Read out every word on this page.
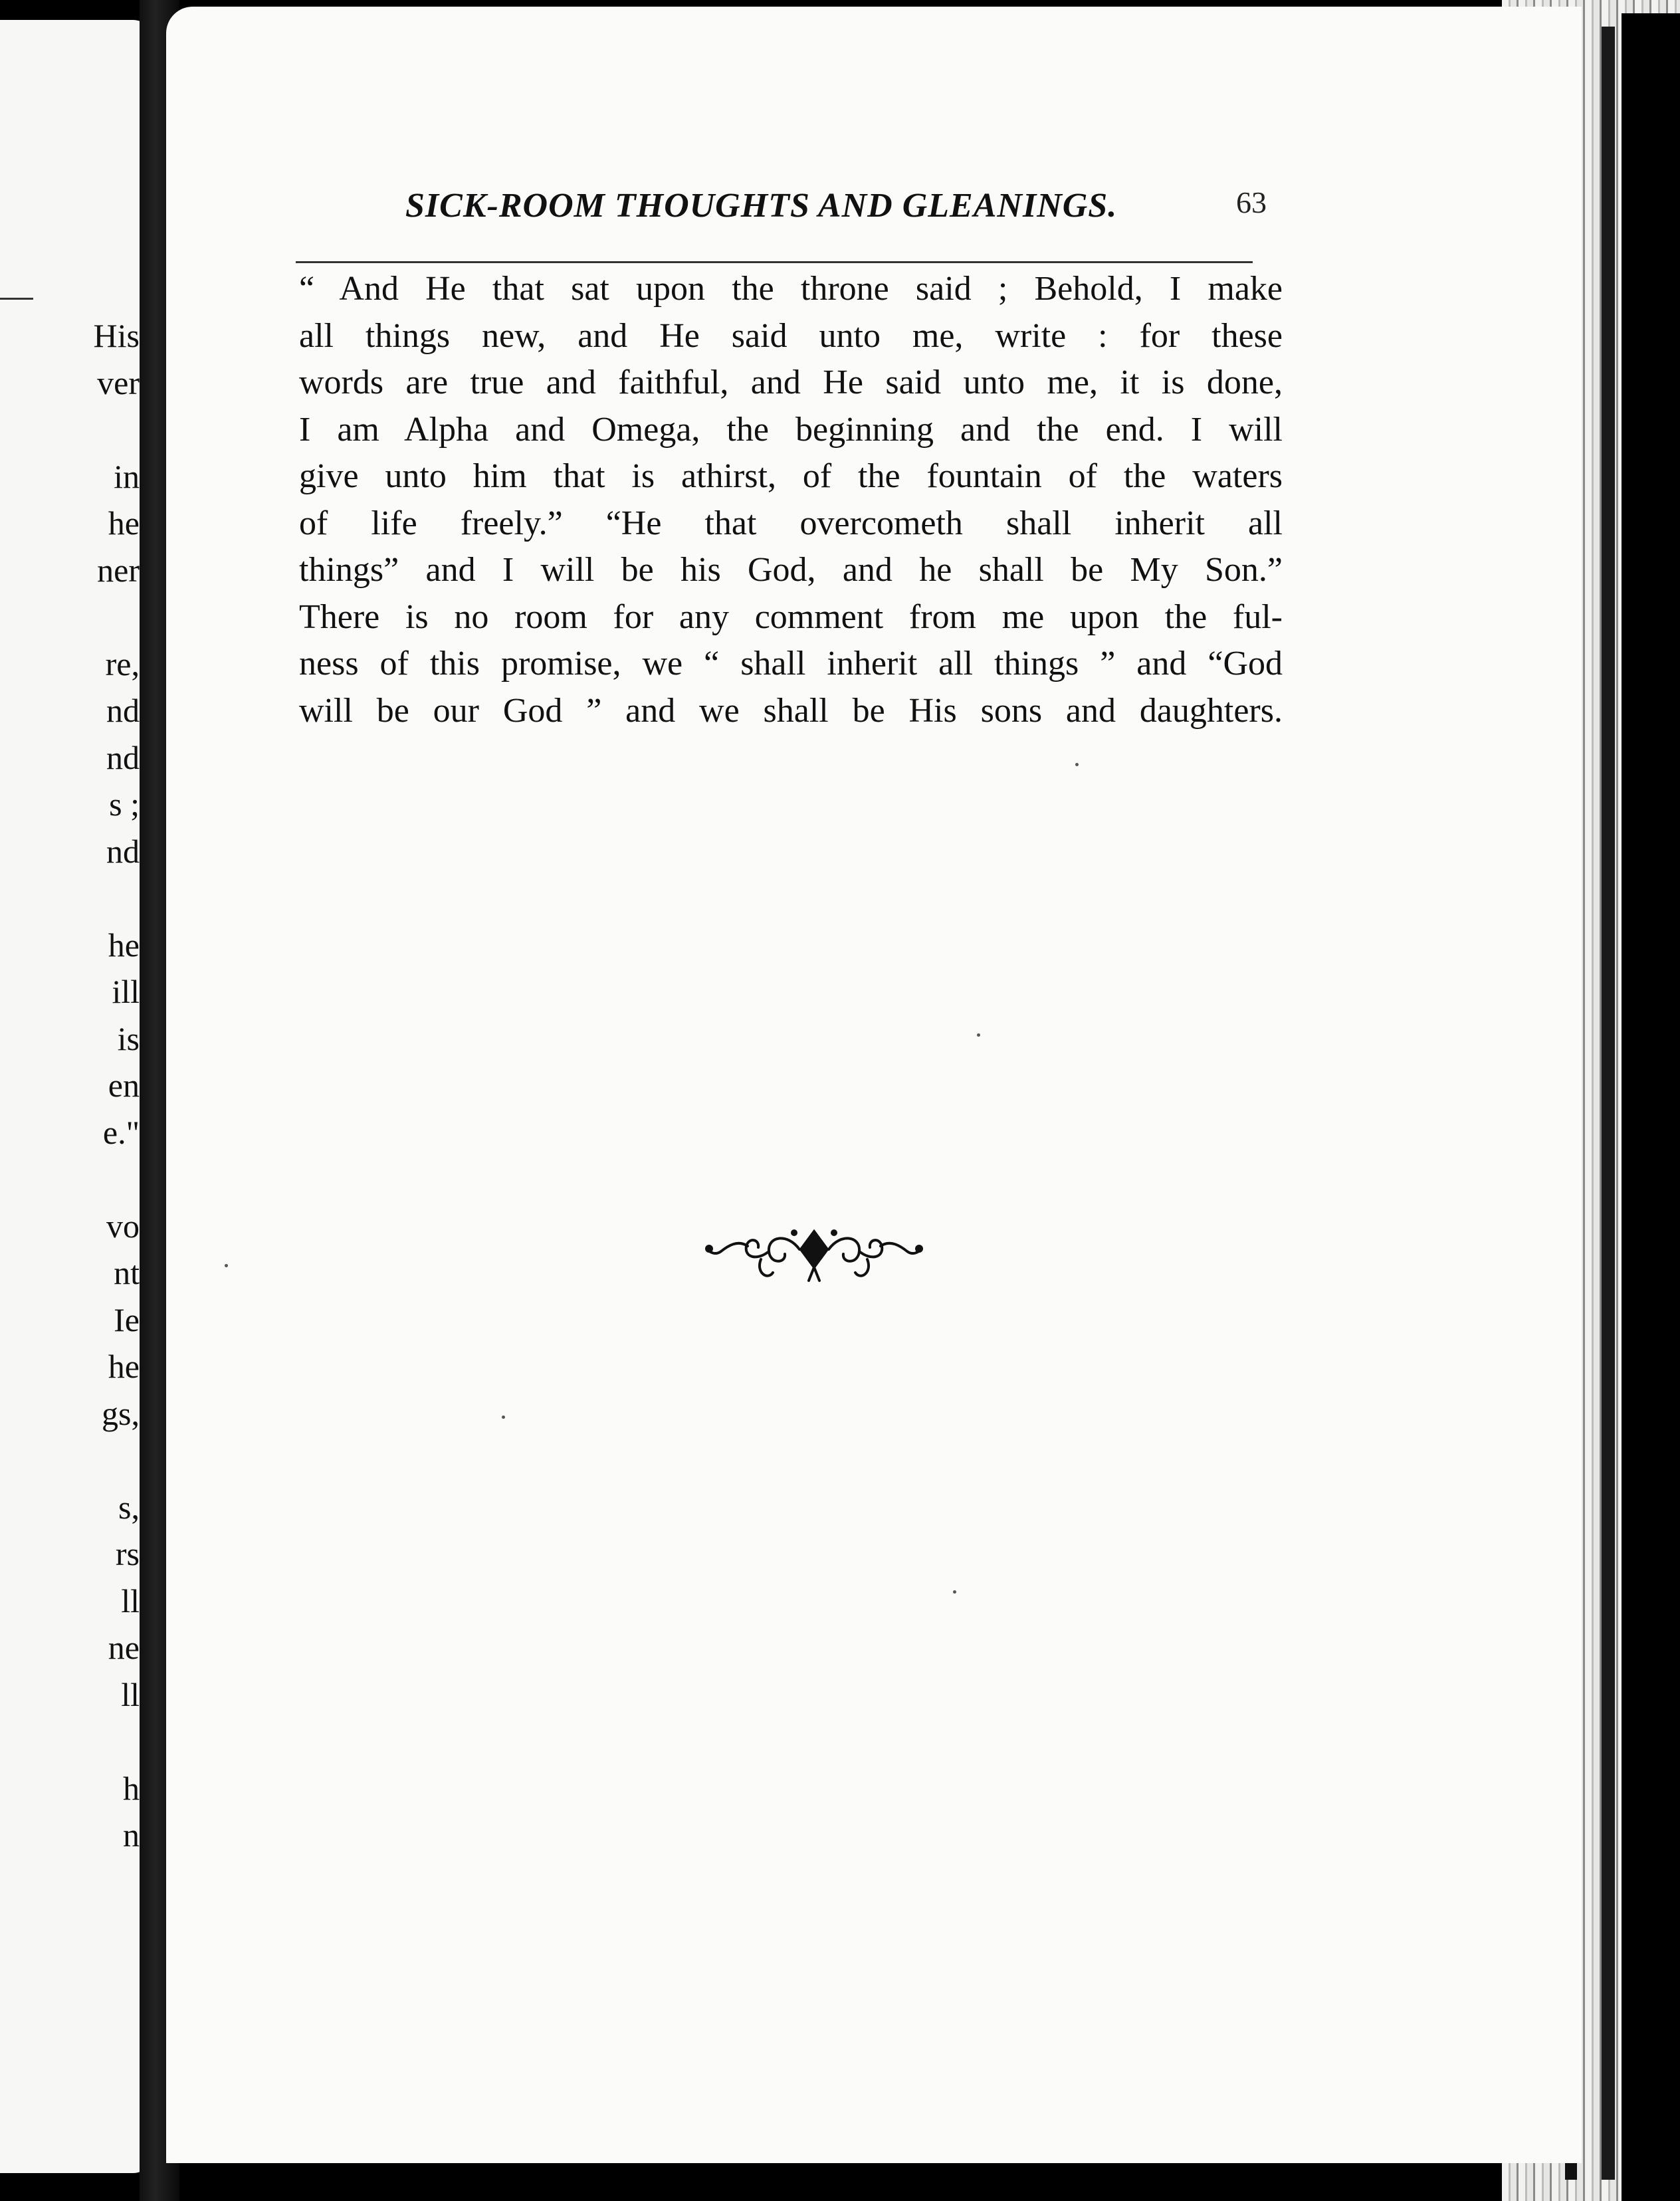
His
ver
in
he
ner
re,
nd
nd
s ;
nd
he
ill
is
en
e."
vo
nt
Ie
he
gs,
s,
rs
ll
ne
ll
h
n
SICK-ROOM THOUGHTS AND GLEANINGS.	63
“ And He that sat upon the throne said ; Behold, I make
all things new, and He said unto me, write : for these
words are true and faithful, and He said unto me, it is done,
I am Alpha and Omega, the beginning and the end. I will
give unto him that is athirst, of the fountain of the waters
of life freely.” “He that overcometh shall inherit all
things” and I will be his God, and he shall be My Son.”
There is no room for any comment from me upon the ful-
ness of this promise, we “ shall inherit all things ” and “God
will be our God ” and we shall be His sons and daughters.
